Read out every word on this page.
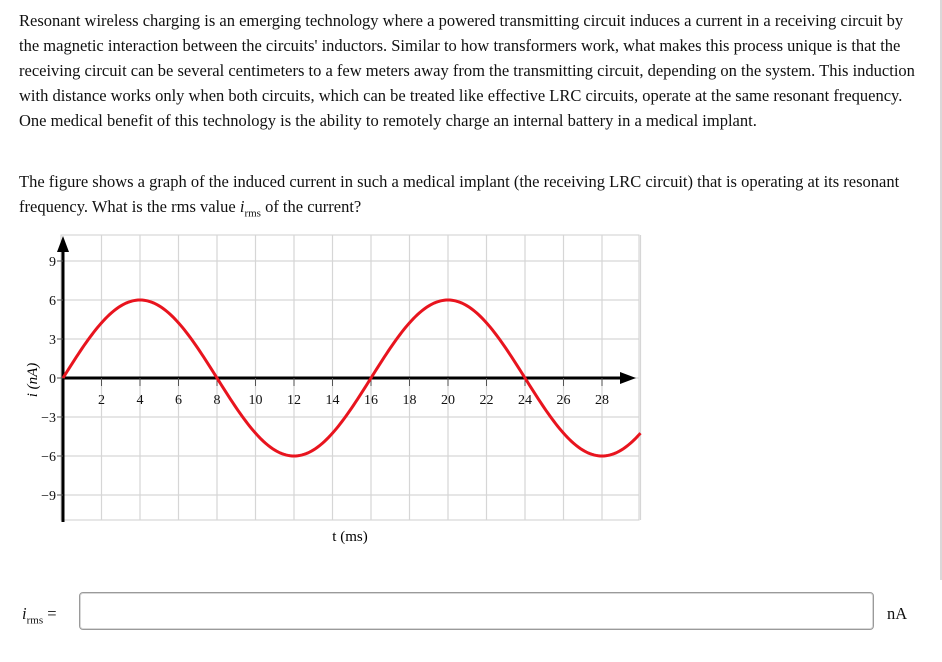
Resonant wireless charging is an emerging technology where a powered transmitting circuit induces a current in a receiving circuit by the magnetic interaction between the circuits' inductors. Similar to how transformers work, what makes this process unique is that the receiving circuit can be several centimeters to a few meters away from the transmitting circuit, depending on the system. This induction with distance works only when both circuits, which can be treated like effective LRC circuits, operate at the same resonant frequency. One medical benefit of this technology is the ability to remotely charge an internal battery in a medical implant.

The figure shows a graph of the induced current in such a medical implant (the receiving LRC circuit) that is operating at its resonant frequency. What is the rms value $i_{rms}$ of the current?

2 4 6 8 10 12 14 16 18 20 22 24 26 28
9
6
3
0
−3
−6
−9
i (nA)
t (ms)
$i_{rms}$ =	nA
